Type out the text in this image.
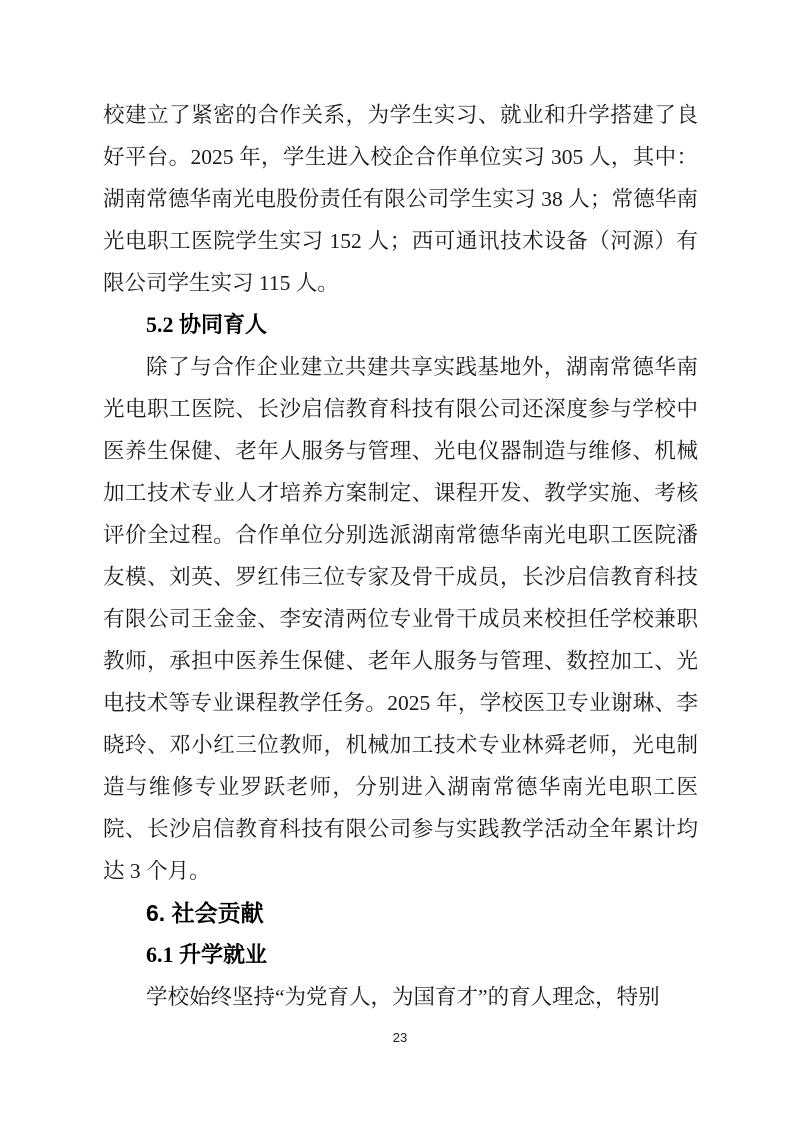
校建立了紧密的合作关系，为学生实习、就业和升学搭建了良好平台。2025 年，学生进入校企合作单位实习 305 人，其中：湖南常德华南光电股份责任有限公司学生实习 38 人；常德华南光电职工医院学生实习 152 人；西可通讯技术设备（河源）有限公司学生实习 115 人。

5.2 协同育人

除了与合作企业建立共建共享实践基地外，湖南常德华南光电职工医院、长沙启信教育科技有限公司还深度参与学校中医养生保健、老年人服务与管理、光电仪器制造与维修、机械加工技术专业人才培养方案制定、课程开发、教学实施、考核评价全过程。合作单位分别选派湖南常德华南光电职工医院潘友模、刘英、罗红伟三位专家及骨干成员，长沙启信教育科技有限公司王金金、李安清两位专业骨干成员来校担任学校兼职教师，承担中医养生保健、老年人服务与管理、数控加工、光电技术等专业课程教学任务。2025 年，学校医卫专业谢琳、李晓玲、邓小红三位教师，机械加工技术专业林舜老师，光电制造与维修专业罗跃老师，分别进入湖南常德华南光电职工医院、长沙启信教育科技有限公司参与实践教学活动全年累计均达 3 个月。

6. 社会贡献
6.1 升学就业

学校始终坚持“为党育人，为国育才”的育人理念，特别

23
